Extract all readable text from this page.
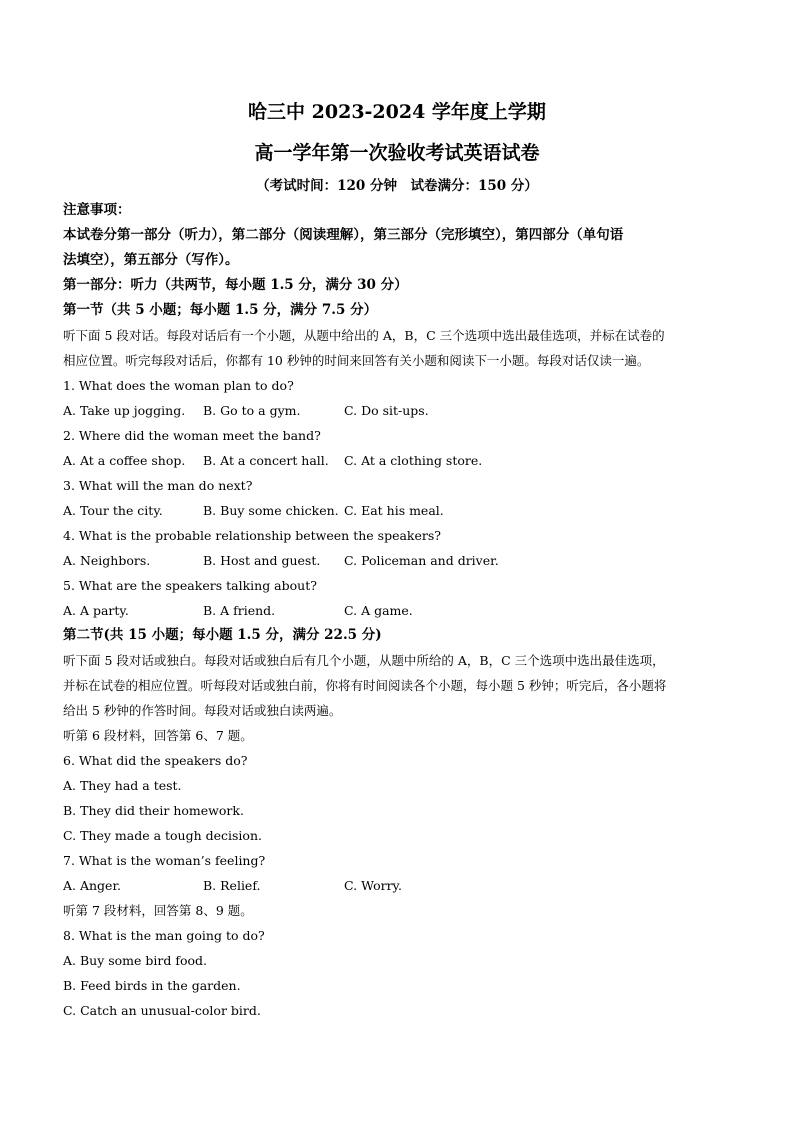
哈三中 2023-2024 学年度上学期
高一学年第一次验收考试英语试卷
（考试时间：120 分钟　试卷满分：150 分）
注意事项：
本试卷分第一部分（听力），第二部分（阅读理解），第三部分（完形填空），第四部分（单句语
法填空），第五部分（写作）。
第一部分：听力（共两节，每小题 1.5 分，满分 30 分）
第一节（共 5 小题；每小题 1.5 分，满分 7.5 分）
听下面 5 段对话。每段对话后有一个小题，从题中给出的 A，B，C 三个选项中选出最佳选项，并标在试卷的
相应位置。听完每段对话后，你都有 10 秒钟的时间来回答有关小题和阅读下一小题。每段对话仅读一遍。
1. What does the woman plan to do?
A. Take up jogging.	B. Go to a gym.	C. Do sit-ups.
2. Where did the woman meet the band?
A. At a coffee shop.	B. At a concert hall.	C. At a clothing store.
3. What will the man do next?
A. Tour the city.	B. Buy some chicken. C. Eat his meal.
4. What is the probable relationship between the speakers?
A. Neighbors.	B. Host and guest.	C. Policeman and driver.
5. What are the speakers talking about?
A. A party.	B. A friend.	C. A game.
第二节(共 15 小题；每小题 1.5 分，满分 22.5 分)
听下面 5 段对话或独白。每段对话或独白后有几个小题，从题中所给的 A，B，C 三个选项中选出最佳选项，
并标在试卷的相应位置。听每段对话或独白前，你将有时间阅读各个小题，每小题 5 秒钟；听完后，各小题将
给出 5 秒钟的作答时间。每段对话或独白读两遍。
听第 6 段材料，回答第 6、7 题。
6. What did the speakers do?
A. They had a test.
B. They did their homework.
C. They made a tough decision.
7. What is the woman’s feeling?
A. Anger.	B. Relief.	C. Worry.
听第 7 段材料，回答第 8、9 题。
8. What is the man going to do?
A. Buy some bird food.
B. Feed birds in the garden.
C. Catch an unusual-color bird.
